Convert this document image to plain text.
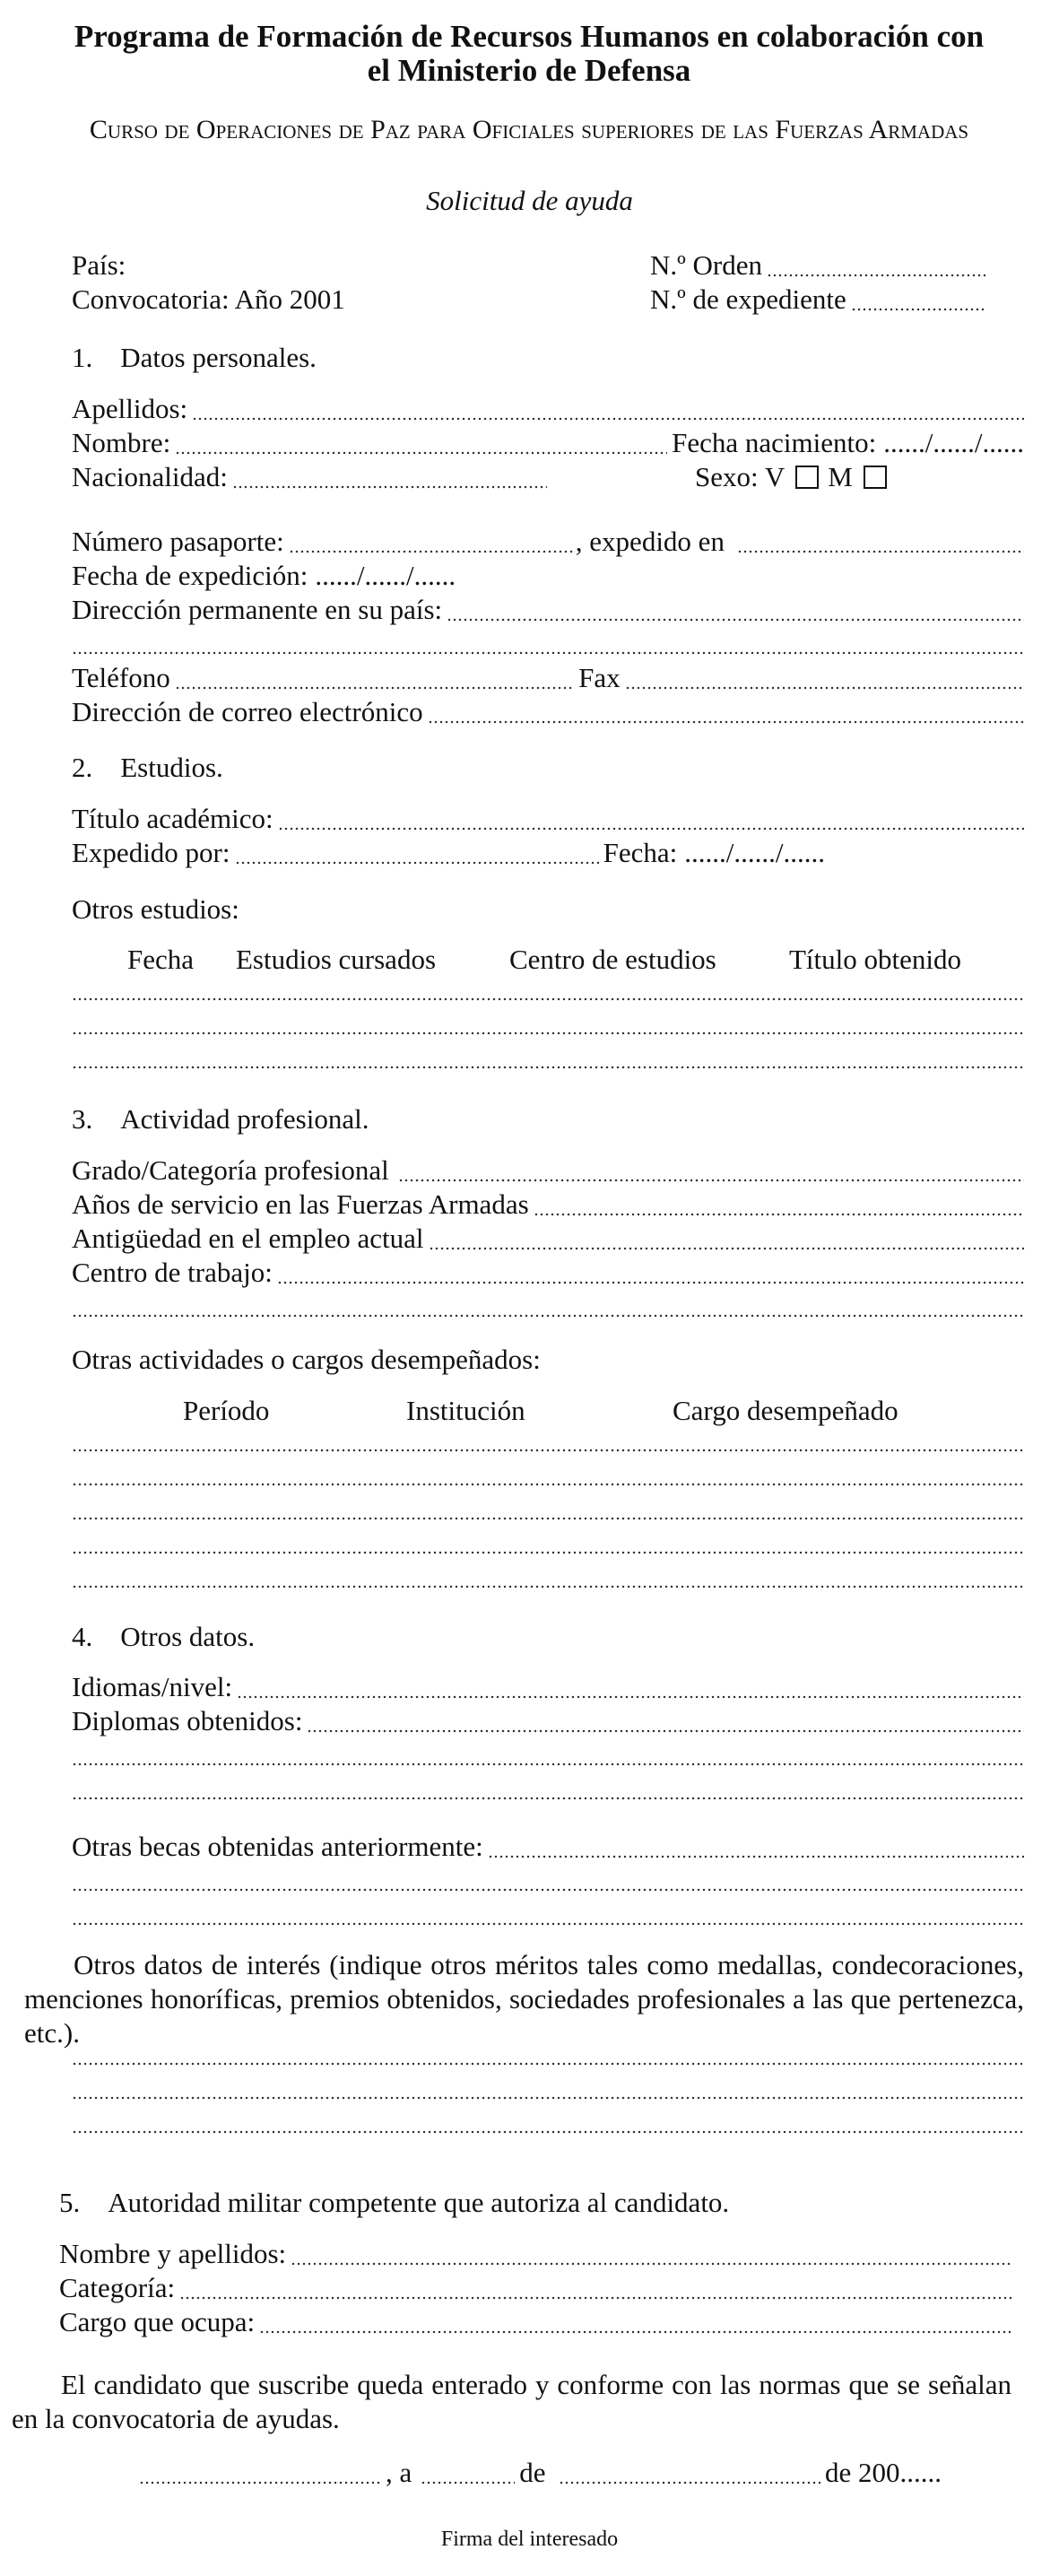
Programa de Formación de Recursos Humanos en colaboración con
el Ministerio de Defensa
Curso de Operaciones de Paz para Oficiales superiores de las Fuerzas Armadas
Solicitud de ayuda
País:
Convocatoria: Año 2001
N.º Orden
N.º de expediente
1. Datos personales.
Apellidos:
Nombre:	Fecha nacimiento: ....../....../......
Nacionalidad:	Sexo: V M
Número pasaporte:	, expedido en
Fecha de expedición: ....../....../......
Dirección permanente en su país:
Teléfono	Fax
Dirección de correo electrónico
2. Estudios.
Título académico:
Expedido por:	Fecha: ....../....../......
Otros estudios:
Fecha Estudios cursados	Centro de estudios	Título obtenido
3. Actividad profesional.
Grado/Categoría profesional
Años de servicio en las Fuerzas Armadas
Antigüedad en el empleo actual
Centro de trabajo:
Otras actividades o cargos desempeñados:
Período	Institución	Cargo desempeñado
4. Otros datos.
Idiomas/nivel:
Diplomas obtenidos:
Otras becas obtenidas anteriormente:
Otros datos de interés (indique otros méritos tales como medallas, condecoraciones, menciones honoríficas, premios obtenidos, sociedades profesionales a las que pertenezca, etc.).
5. Autoridad militar competente que autoriza al candidato.
Nombre y apellidos:
Categoría:
Cargo que ocupa:
El candidato que suscribe queda enterado y conforme con las normas que se señalan en la convocatoria de ayudas.
, a	de	de 200 ......
Firma del interesado
